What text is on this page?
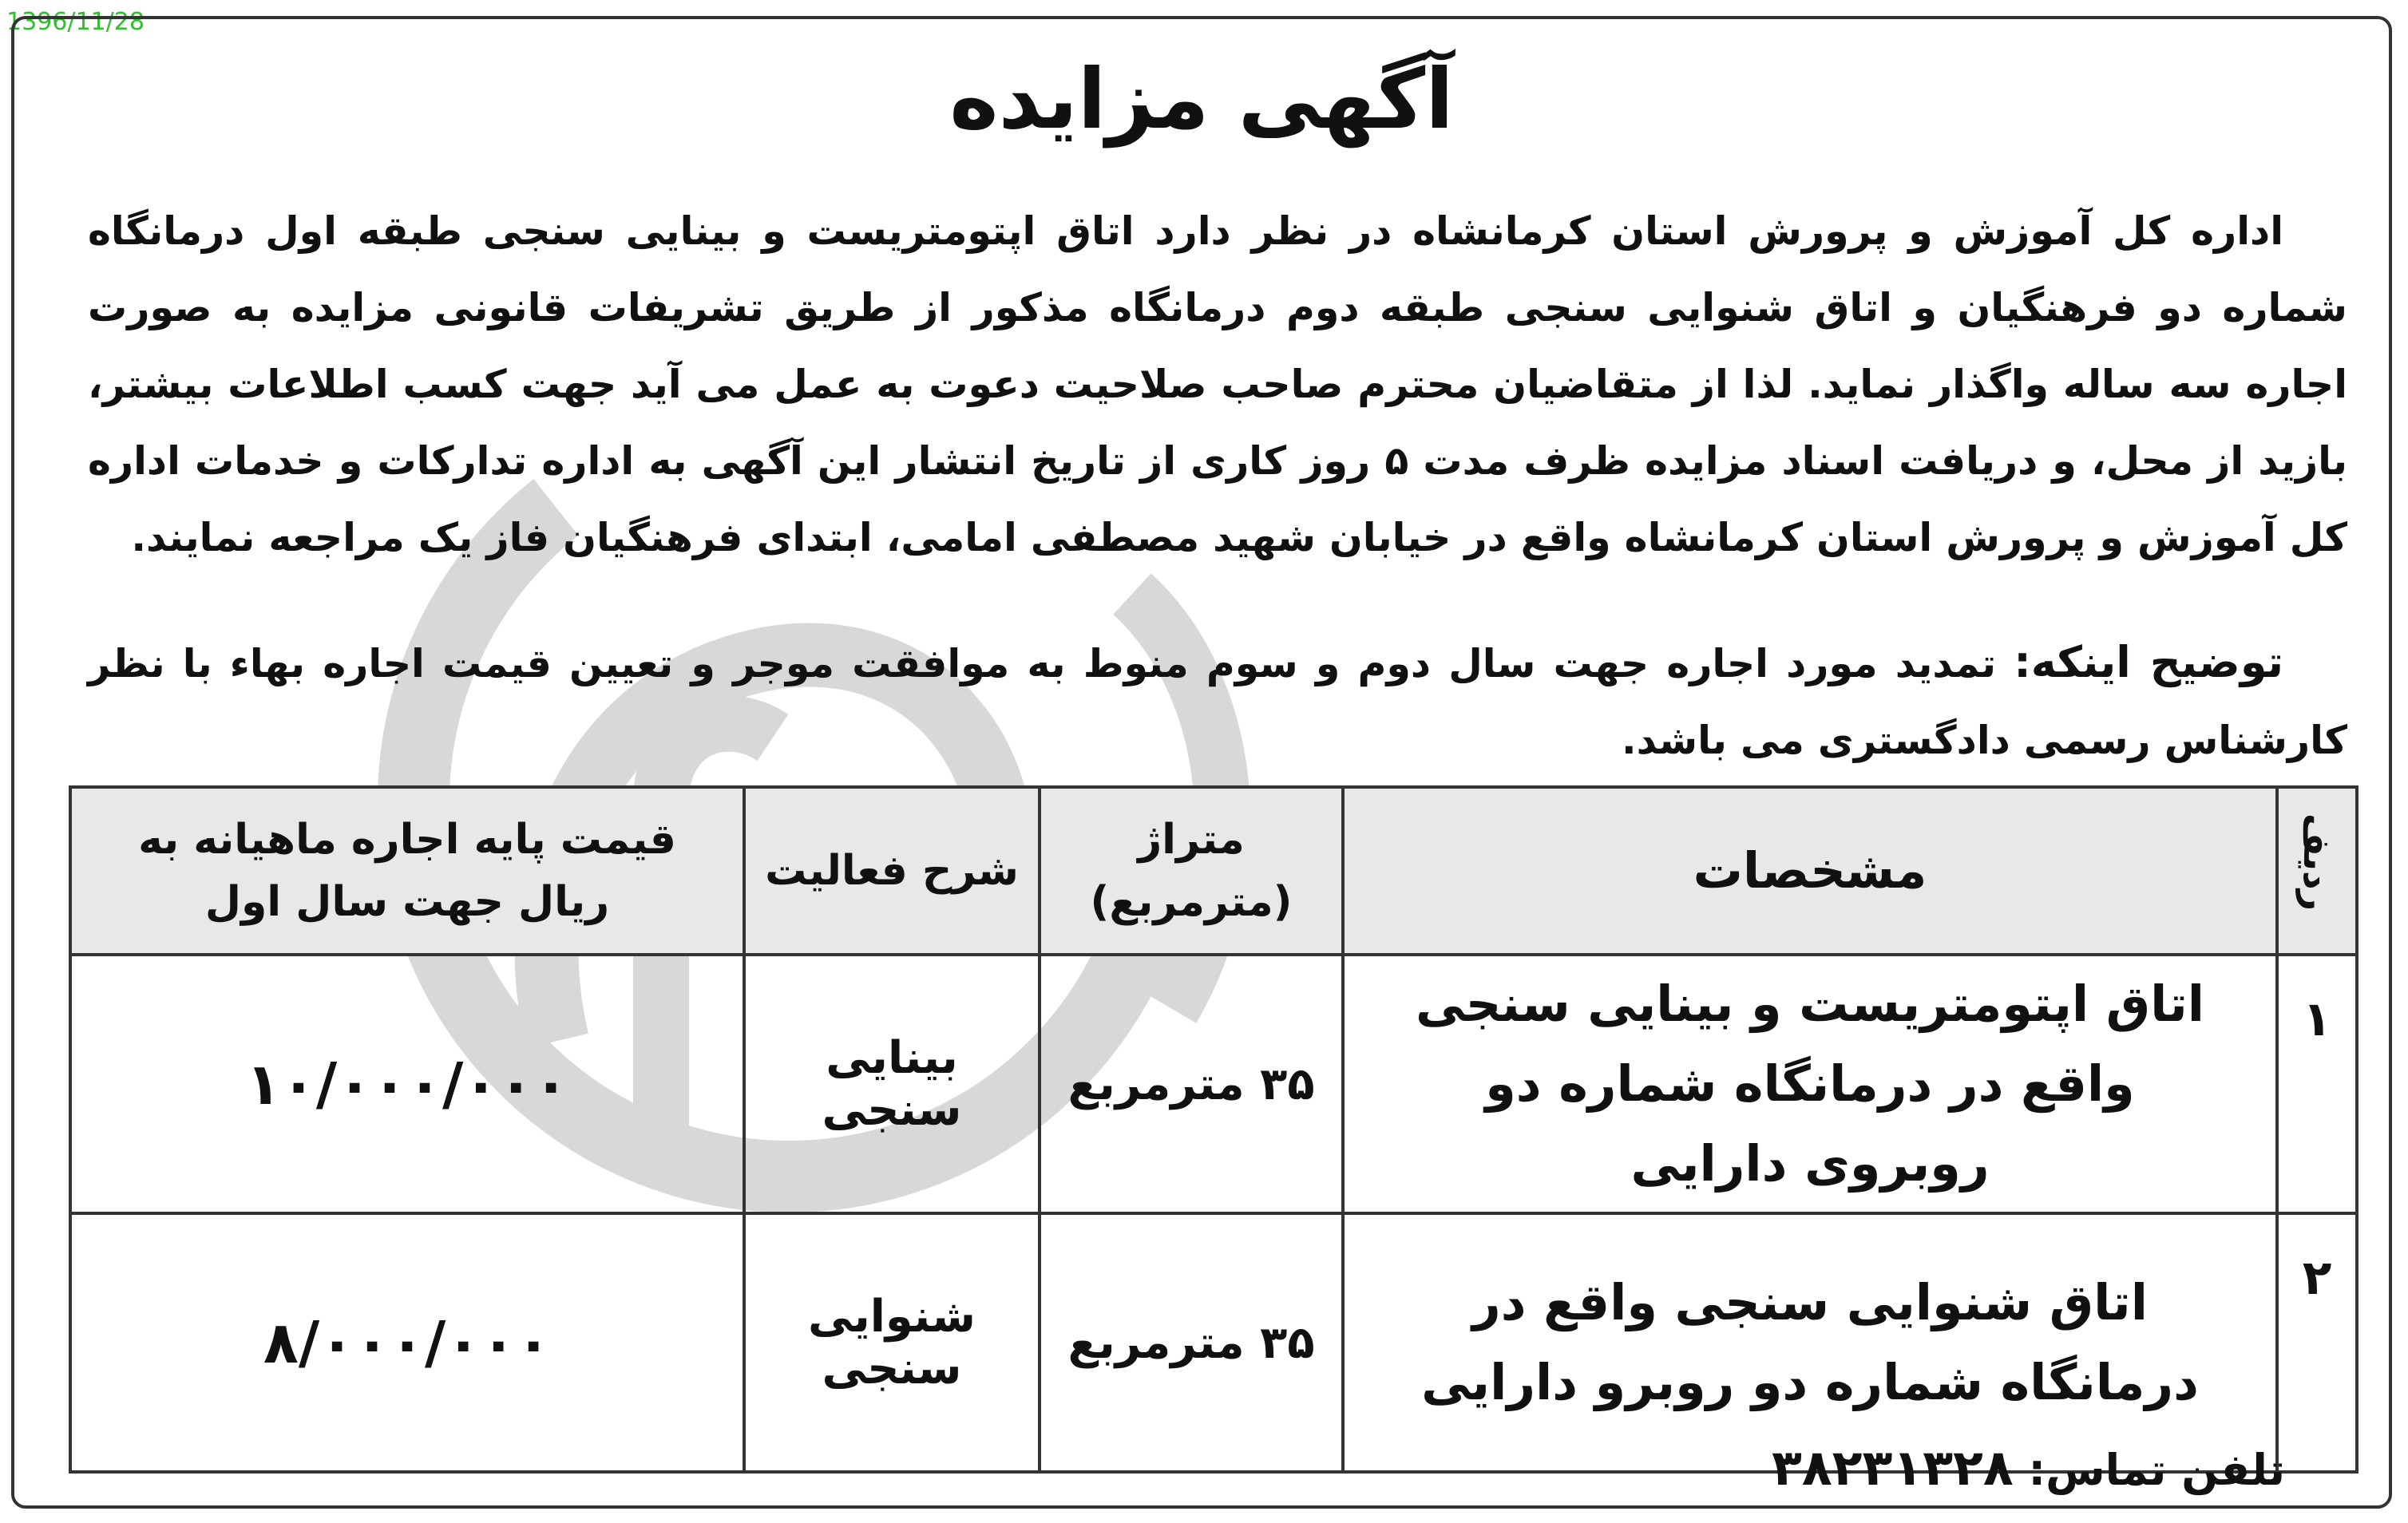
1396/11/28
آگهی مزایده
اداره کل آموزش و پرورش استان کرمانشاه در نظر دارد اتاق اپتومتریست و بینایی سنجی طبقه اول درمانگاه شماره دو فرهنگیان و اتاق شنوایی سنجی طبقه دوم درمانگاه مذکور از طریق تشریفات قانونی مزایده به صورت اجاره سه ساله واگذار نماید. لذا از متقاضیان محترم صاحب صلاحیت دعوت به عمل می آید جهت کسب اطلاعات بیشتر، بازید از محل، و دریافت اسناد مزایده ظرف مدت ۵ روز کاری از تاریخ انتشار این آگهی به اداره تدارکات و خدمات اداره کل آموزش و پرورش استان کرمانشاه واقع در خیابان شهید مصطفی امامی، ابتدای فرهنگیان فاز یک مراجعه نمایند.
توضیح اینکه: تمدید مورد اجاره جهت سال دوم و سوم منوط به موافقت موجر و تعیین قیمت اجاره بهاء با نظر کارشناس رسمی دادگستری می باشد.
ردیف	مشخصات	متراژ (مترمربع)	شرح فعالیت	قیمت پایه اجاره ماهیانه به ریال جهت سال اول
۱	اتاق اپتومتریست و بینایی سنجی واقع در درمانگاه شماره دو روبروی دارایی	۳۵ مترمربع	بینایی سنجی	۱۰/۰۰۰/۰۰۰
۲	اتاق شنوایی سنجی واقع در درمانگاه شماره دو روبرو دارایی	۳۵ مترمربع	شنوایی سنجی	۸/۰۰۰/۰۰۰
تلفن تماس: ۳۸۲۳۱۳۲۸
